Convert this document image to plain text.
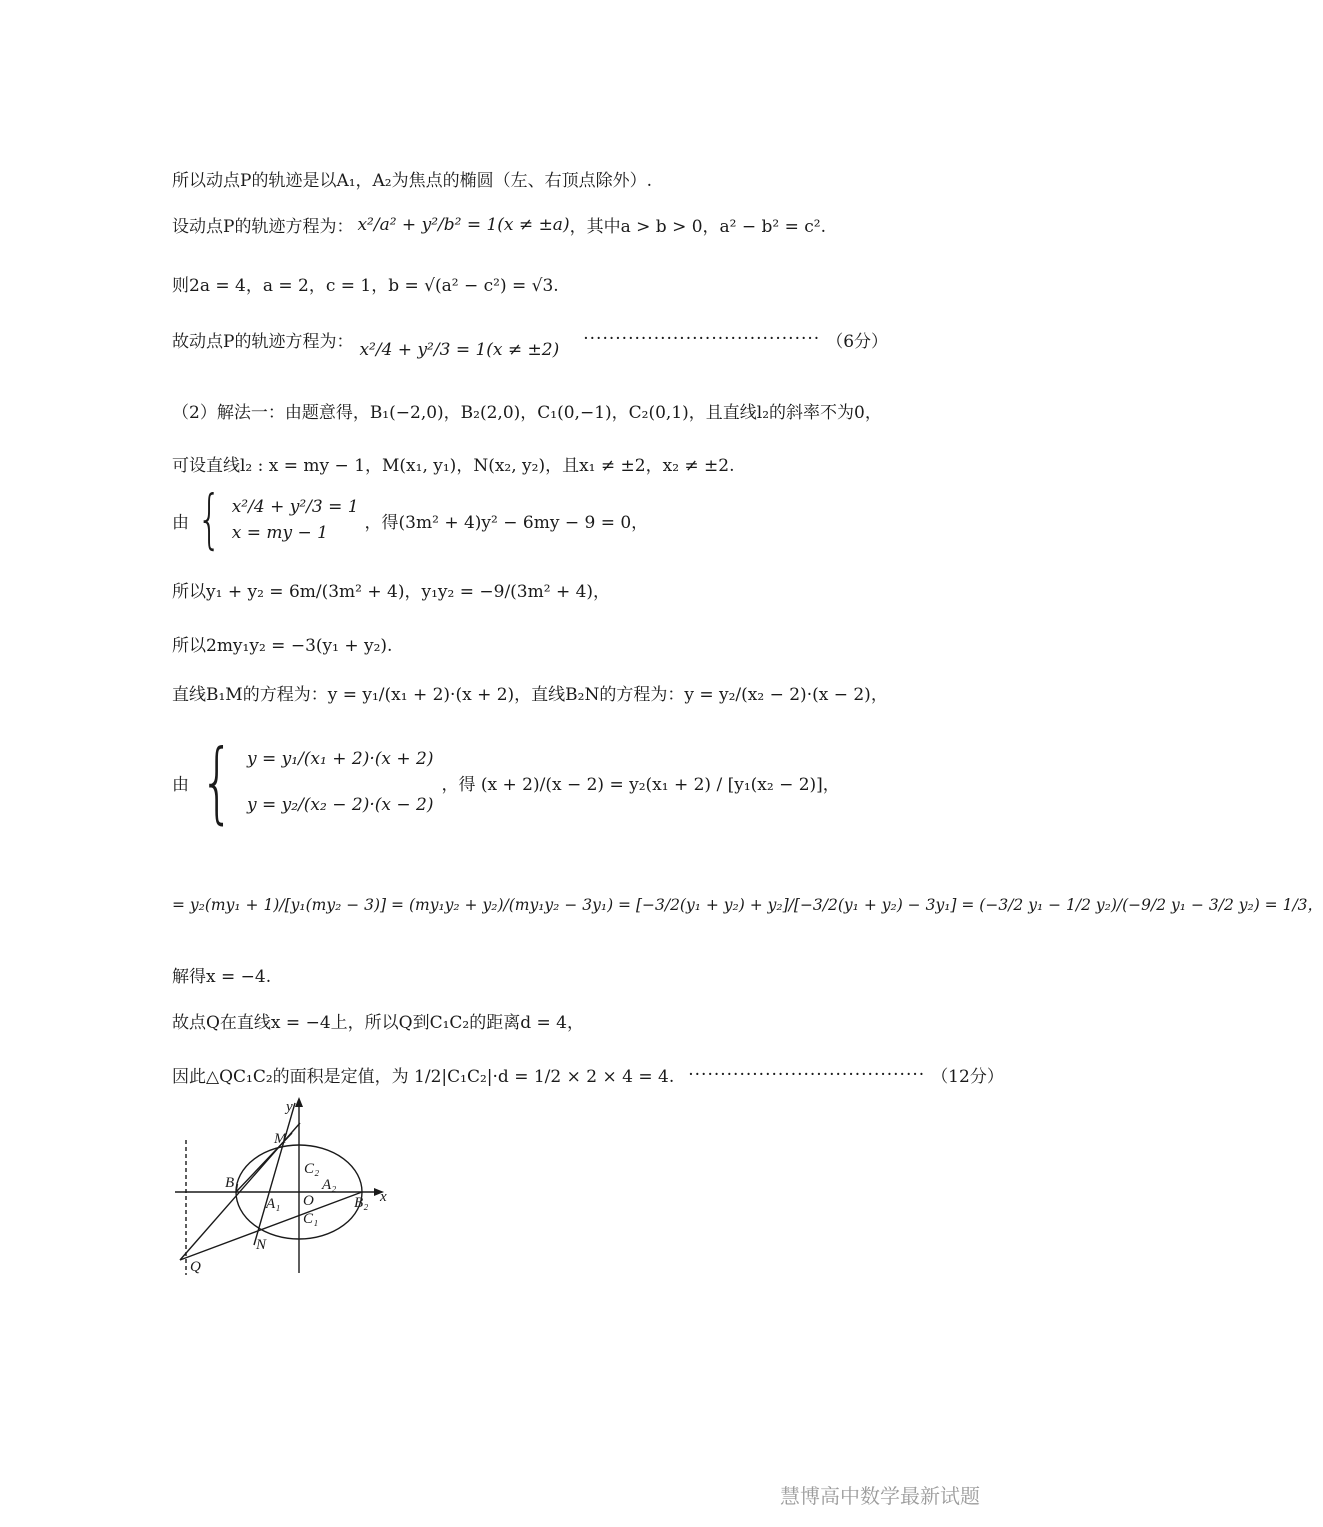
所以动点P的轨迹是以A₁，A₂为焦点的椭圆（左、右顶点除外）.
设动点P的轨迹方程为： x²/a² + y²/b² = 1(x ≠ ±a) ，其中a > b > 0，a² − b² = c².
则2a = 4，a = 2，c = 1，b = √(a² − c²) = √3.
故动点P的轨迹方程为： x²/4 + y²/3 = 1(x ≠ ±2)
····································· （6分）
（2）解法一：由题意得，B₁(−2,0)，B₂(2,0)，C₁(0,−1)，C₂(0,1)，且直线l₂的斜率不为0，
可设直线l₂ : x = my − 1，M(x₁, y₁)，N(x₂, y₂)，且x₁ ≠ ±2，x₂ ≠ ±2.
由 { x²/4 + y²/3 = 1
x = my − 1
，得(3m² + 4)y² − 6my − 9 = 0，
所以y₁ + y₂ = 6m/(3m² + 4)，y₁y₂ = −9/(3m² + 4)，
所以2my₁y₂ = −3(y₁ + y₂).
直线B₁M的方程为：y = y₁/(x₁ + 2)·(x + 2)，直线B₂N的方程为：y = y₂/(x₂ − 2)·(x − 2)，
由 { y = y₁/(x₁ + 2)·(x + 2)
y = y₂/(x₂ − 2)·(x − 2)
，得 (x + 2)/(x − 2) = y₂(x₁ + 2) / [y₁(x₂ − 2)]，
= y₂(my₁ + 1)/[y₁(my₂ − 3)] = (my₁y₂ + y₂)/(my₁y₂ − 3y₁) = [−3/2(y₁ + y₂) + y₂]/[−3/2(y₁ + y₂) − 3y₁] = (−3/2 y₁ − 1/2 y₂)/(−9/2 y₁ − 3/2 y₂) = 1/3，
解得x = −4.
故点Q在直线x = −4上，所以Q到C₁C₂的距离d = 4，
因此△QC₁C₂的面积是定值，为 1/2|C₁C₂|·d = 1/2 × 2 × 4 = 4. ····································· （12分）
y
M
B₁
C₂
A₂
A₁ O	B₂ x
C₁
N
Q
慧博高中数学最新试题
